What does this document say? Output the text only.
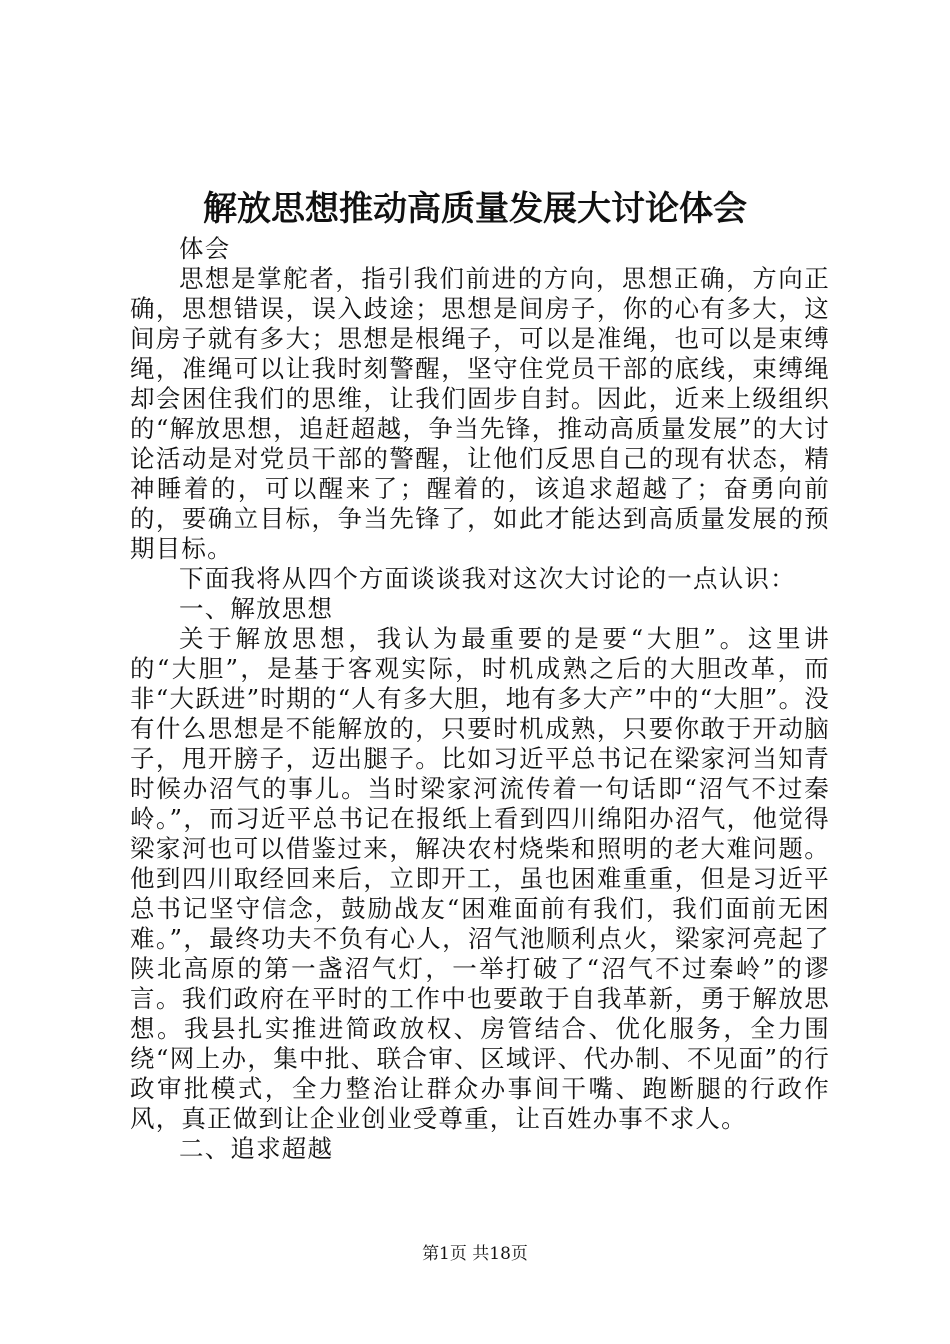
解放思想推动高质量发展大讨论体会

体会

思想是掌舵者，指引我们前进的方向，思想正确，方向正确，思想错误，误入歧途；思想是间房子，你的心有多大，这间房子就有多大；思想是根绳子，可以是准绳，也可以是束缚绳，准绳可以让我时刻警醒，坚守住党员干部的底线，束缚绳却会困住我们的思维，让我们固步自封。因此，近来上级组织的“解放思想，追赶超越，争当先锋，推动高质量发展”的大讨论活动是对党员干部的警醒，让他们反思自己的现有状态，精神睡着的，可以醒来了；醒着的，该追求超越了；奋勇向前的，要确立目标，争当先锋了，如此才能达到高质量发展的预期目标。

下面我将从四个方面谈谈我对这次大讨论的一点认识：

一、解放思想

关于解放思想，我认为最重要的是要“大胆”。这里讲的“大胆”，是基于客观实际，时机成熟之后的大胆改革，而非“大跃进”时期的“人有多大胆，地有多大产”中的“大胆”。没有什么思想是不能解放的，只要时机成熟，只要你敢于开动脑子，甩开膀子，迈出腿子。比如习近平总书记在梁家河当知青时候办沼气的事儿。当时梁家河流传着一句话即“沼气不过秦岭。”，而习近平总书记在报纸上看到四川绵阳办沼气，他觉得梁家河也可以借鉴过来，解决农村烧柴和照明的老大难问题。他到四川取经回来后，立即开工，虽也困难重重，但是习近平总书记坚守信念，鼓励战友“困难面前有我们，我们面前无困难。”，最终功夫不负有心人，沼气池顺利点火，梁家河亮起了陕北高原的第一盏沼气灯，一举打破了“沼气不过秦岭”的谬言。我们政府在平时的工作中也要敢于自我革新，勇于解放思想。我县扎实推进简政放权、房管结合、优化服务，全力围绕“网上办，集中批、联合审、区域评、代办制、不见面”的行政审批模式，全力整治让群众办事间干嘴、跑断腿的行政作风，真正做到让企业创业受尊重，让百姓办事不求人。

二、追求超越

第1页 共18页
